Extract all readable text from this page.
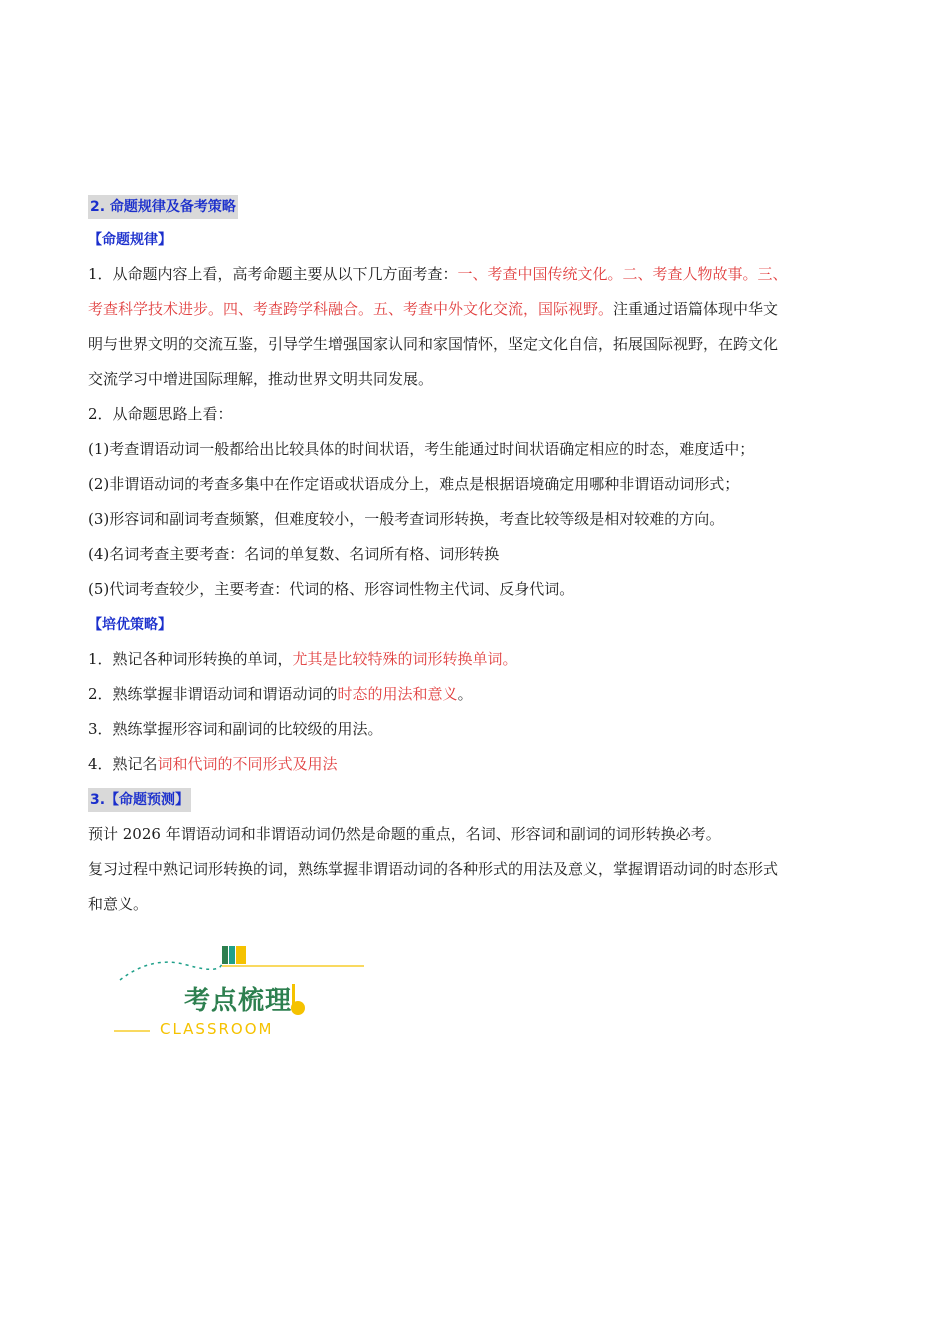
2. 命题规律及备考策略
【命题规律】
1．从命题内容上看，高考命题主要从以下几方面考查：一、考查中国传统文化。二、考查人物故事。三、
考查科学技术进步。四、考查跨学科融合。五、考查中外文化交流，国际视野。注重通过语篇体现中华文
明与世界文明的交流互鉴，引导学生增强国家认同和家国情怀，坚定文化自信，拓展国际视野，在跨文化
交流学习中增进国际理解，推动世界文明共同发展。
2．从命题思路上看：
(1)考查谓语动词一般都给出比较具体的时间状语，考生能通过时间状语确定相应的时态，难度适中；
(2)非谓语动词的考查多集中在作定语或状语成分上，难点是根据语境确定用哪种非谓语动词形式；
(3)形容词和副词考查频繁，但难度较小，一般考查词形转换，考查比较等级是相对较难的方向。
(4)名词考查主要考查：名词的单复数、名词所有格、词形转换
(5)代词考查较少，主要考查：代词的格、形容词性物主代词、反身代词。
【培优策略】
1．熟记各种词形转换的单词，尤其是比较特殊的词形转换单词。
2．熟练掌握非谓语动词和谓语动词的时态的用法和意义。
3．熟练掌握形容词和副词的比较级的用法。
4．熟记名词和代词的不同形式及用法
3.【命题预测】
预计 2026 年谓语动词和非谓语动词仍然是命题的重点，名词、形容词和副词的词形转换必考。
复习过程中熟记词形转换的词，熟练掌握非谓语动词的各种形式的用法及意义，掌握谓语动词的时态形式
和意义。
考点梳理
CLASSROOM
